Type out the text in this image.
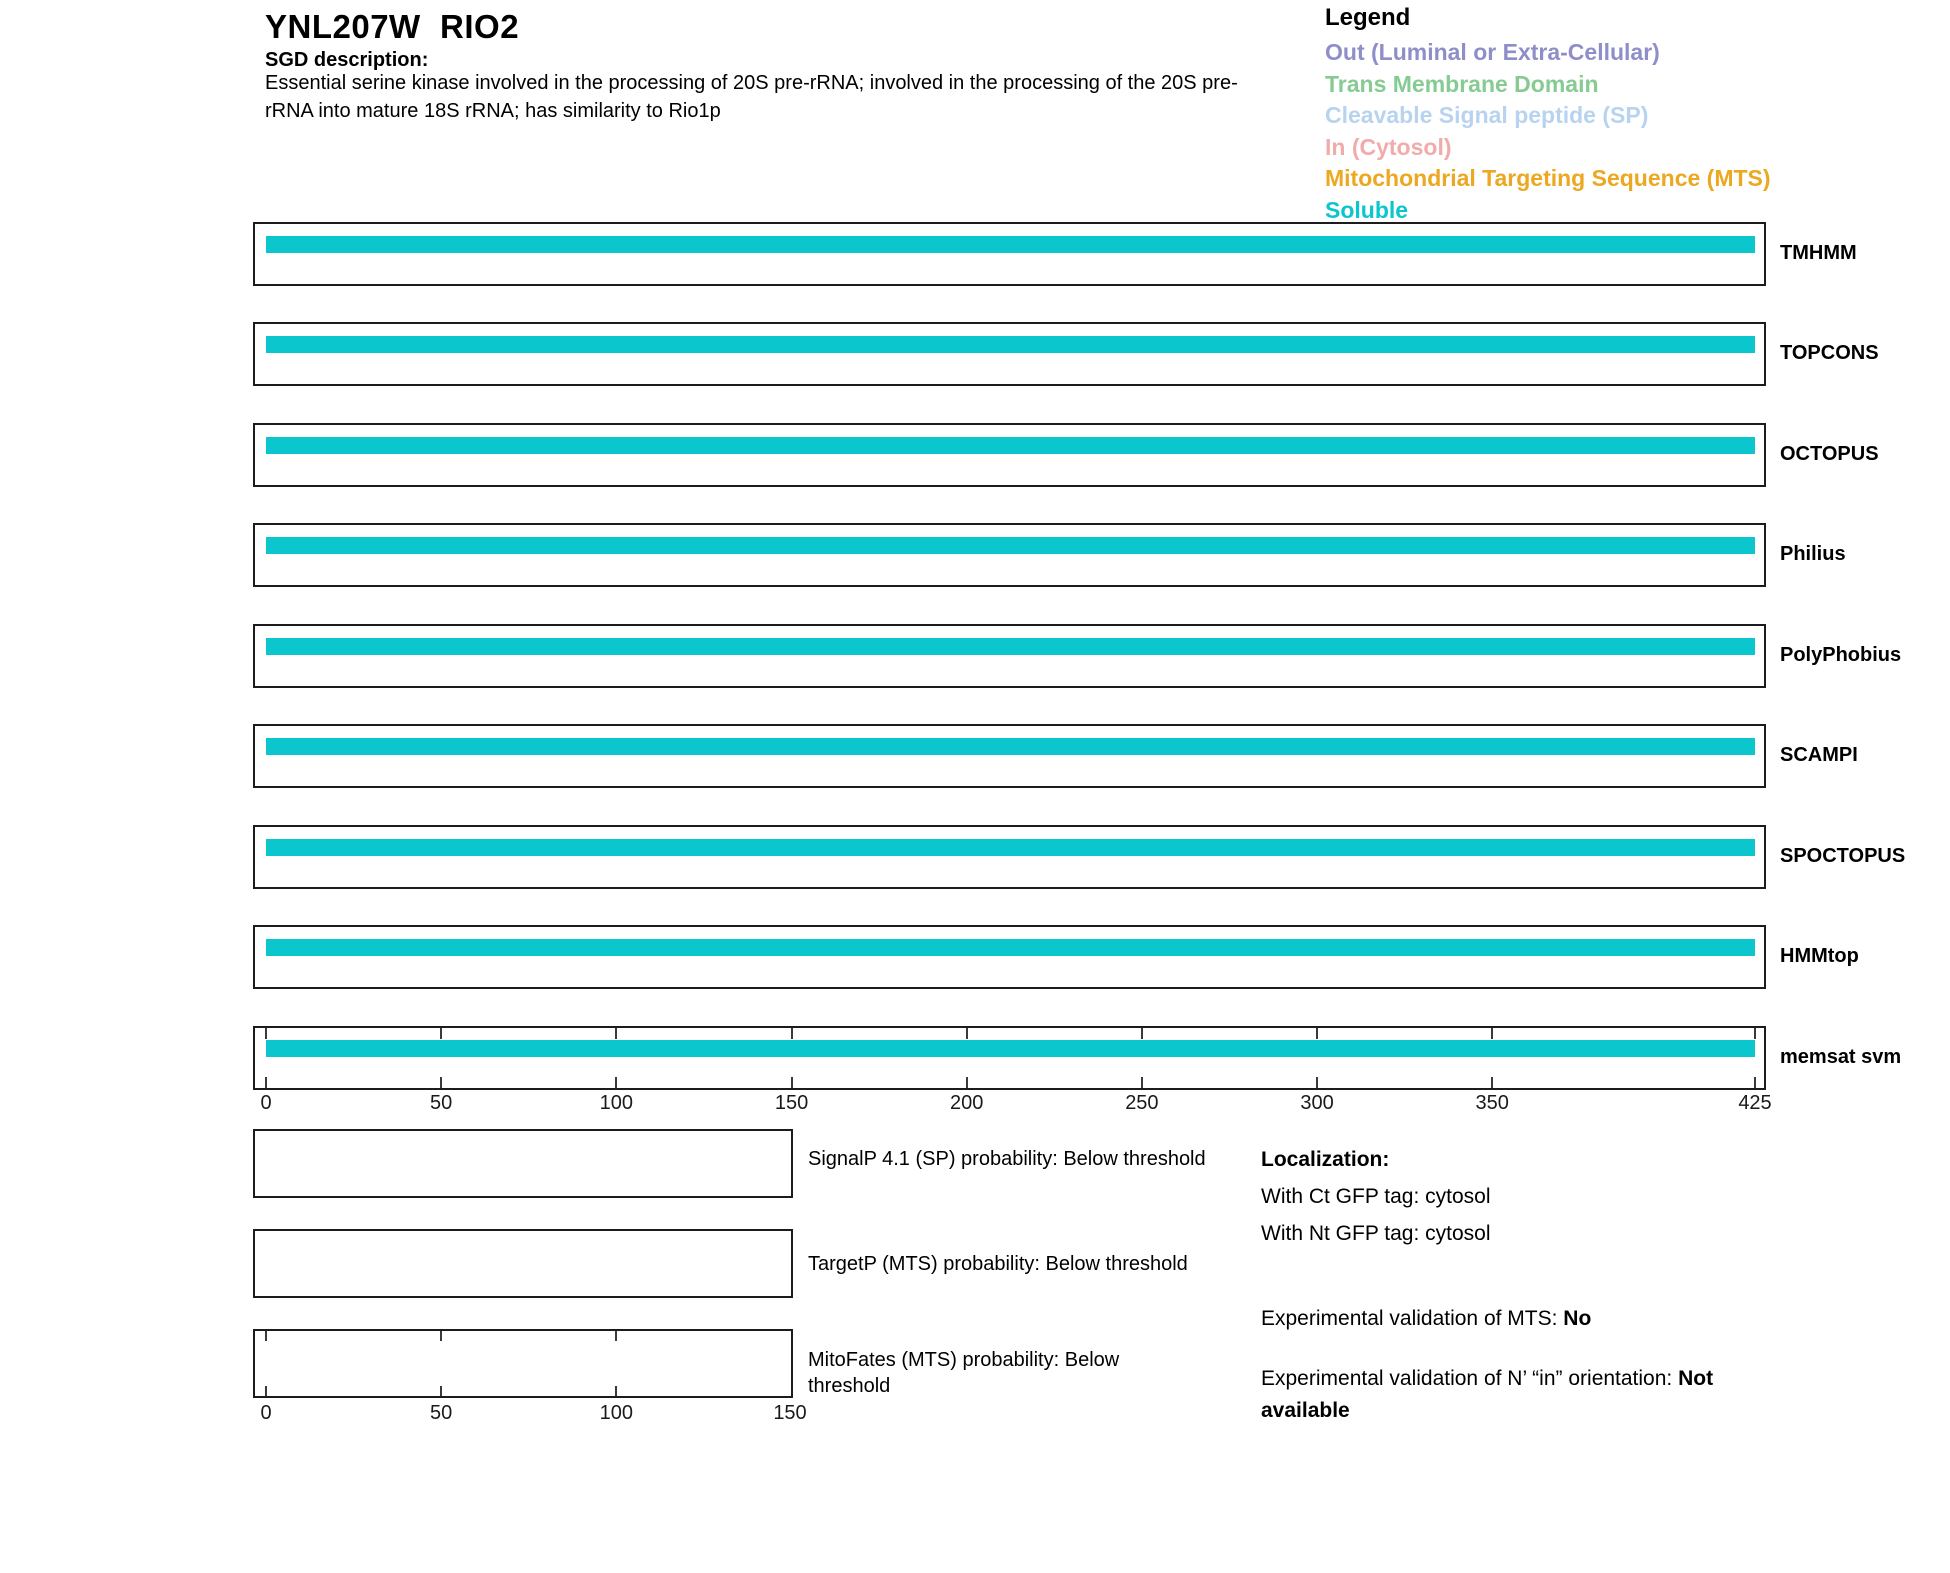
YNL207W  RIO2
SGD description:
Essential serine kinase involved in the processing of 20S pre-rRNA; involved in the processing of the 20S pre-rRNA into mature 18S rRNA; has similarity to Rio1p
Legend
Out (Luminal or Extra-Cellular)
Trans Membrane Domain
Cleavable Signal peptide (SP)
In (Cytosol)
Mitochondrial Targeting Sequence (MTS)
Soluble
TMHMM
TOPCONS
OCTOPUS
Philius
PolyPhobius
SCAMPI
SPOCTOPUS
HMMtop
memsat svm
0	50	100	150	200	250	300	350	425
SignalP 4.1 (SP) probability: Below threshold
TargetP (MTS) probability: Below threshold
0	50	100	150
MitoFates (MTS) probability: Below threshold
Localization:
With Ct GFP tag: cytosol
With Nt GFP tag: cytosol
Experimental validation of MTS: No
Experimental validation of N’ “in” orientation: Not available
